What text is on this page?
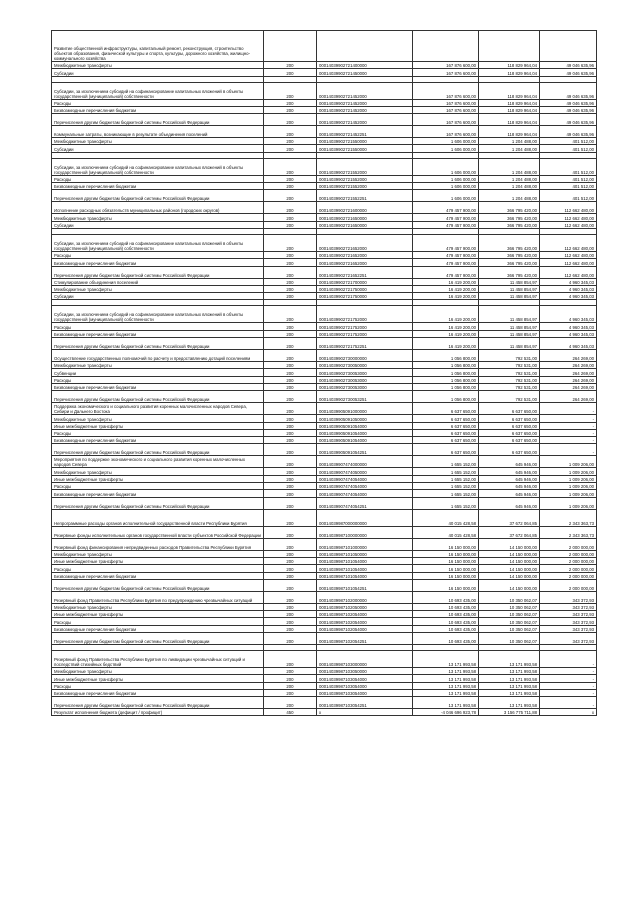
Развитие общественной инфраструктуры, капитальный ремонт, реконструкция, строительство объектов образования, физической культуры и спорта, культуры, дорожного хозяйства, жилищно-коммунального хозяйства					
Межбюджетные трансферты	200	00014039902721400000	167 876 600,00	118 829 964,04	49 046 635,96
Субсидии	200	00014039902721450000	167 876 600,00	118 829 964,04	49 046 635,96

Субсидии, за исключением субсидий на софинансирование капитальных вложений в объекты государственной (муниципальной) собственности	200	00014039902721452000	167 876 600,00	118 829 964,04	49 046 635,96
Расходы	200	00014039902721452000	167 876 600,00	118 829 964,04	49 046 635,96
Безвозмездные перечисления бюджетам	200	00014039902721452000	167 876 600,00	118 829 964,04	49 046 635,96
Перечисления другим бюджетам бюджетной системы Российской Федерации	200	00014039902721452000	167 876 600,00	118 829 964,04	49 046 635,96
Коммунальные затраты, возникающие в результате объединения поселений	200	00014039902721452251	167 876 600,00	118 829 964,04	49 046 635,96
Межбюджетные трансферты	200	00014039902721550000	1 606 000,00	1 204 488,00	401 512,00
Субсидии	200	00014039902721550000	1 606 000,00	1 204 488,00	401 512,00

Субсидии, за исключением субсидий на софинансирование капитальных вложений в объекты государственной (муниципальной) собственности	200	00014039902721552000	1 606 000,00	1 204 488,00	401 512,00
Расходы	200	00014039902721552000	1 606 000,00	1 204 488,00	401 512,00
Безвозмездные перечисления бюджетам	200	00014039902721552000	1 606 000,00	1 204 488,00	401 512,00
Перечисления другим бюджетам бюджетной системы Российской Федерации	200	00014039902721552251	1 606 000,00	1 204 488,00	401 512,00
Исполнение расходных обязательств муниципальных районов (городских округов)	200	00014039902721600000	479 457 900,00	366 795 420,00	112 662 480,00
Межбюджетные трансферты	200	00014039902721650000	479 457 900,00	366 795 420,00	112 662 480,00
Субсидии	200	00014039902721650000	479 457 900,00	366 795 420,00	112 662 480,00

Субсидии, за исключением субсидий на софинансирование капитальных вложений в объекты государственной (муниципальной) собственности	200	00014039902721652000	479 457 900,00	366 795 420,00	112 662 480,00
Расходы	200	00014039902721652000	479 457 900,00	366 795 420,00	112 662 480,00
Безвозмездные перечисления бюджетам	200	00014039902721652000	479 457 900,00	366 795 420,00	112 662 480,00
Перечисления другим бюджетам бюджетной системы Российской Федерации	200	00014039902721652251	479 457 900,00	366 795 420,00	112 662 480,00
Стимулирование объединения поселений	200	00014039902721700000	16 419 200,00	11 458 854,97	4 960 345,03
Межбюджетные трансферты	200	00014039902721750000	16 419 200,00	11 458 854,97	4 960 345,03
Субсидии	200	00014039902721750000	16 419 200,00	11 458 854,97	4 960 345,03

Субсидии, за исключением субсидий на софинансирование капитальных вложений в объекты государственной (муниципальной) собственности	200	00014039902721752000	16 419 200,00	11 458 854,97	4 960 345,03
Расходы	200	00014039902721752000	16 419 200,00	11 458 854,97	4 960 345,03
Безвозмездные перечисления бюджетам	200	00014039902721752000	16 419 200,00	11 458 854,97	4 960 345,03
Перечисления другим бюджетам бюджетной системы Российской Федерации	200	00014039902721752251	16 419 200,00	11 458 854,97	4 960 345,03
Осуществление государственных полномочий по расчету и предоставлению дотаций поселениям	200	00014039902730000000	1 056 800,00	792 531,00	264 269,00
Межбюджетные трансферты	200	00014039902730050000	1 056 800,00	792 531,00	264 269,00
Субвенции	200	00014039902730053000	1 056 800,00	792 531,00	264 269,00
Расходы	200	00014039902730053000	1 056 800,00	792 531,00	264 269,00
Безвозмездные перечисления бюджетам	200	00014039902730053000	1 056 800,00	792 531,00	264 269,00
Перечисления другим бюджетам бюджетной системы Российской Федерации	200	00014039902730053251	1 056 800,00	792 531,00	264 269,00
Поддержка экономического и социального развития коренных малочисленных народов Севера, Сибири и Дальнего Востока	200	00014039905091000000	6 637 650,00	6 637 650,00	-
Межбюджетные трансферты	200	00014039905091050000	6 637 650,00	6 637 650,00	-
Иные межбюджетные трансферты	200	00014039905091054000	6 637 650,00	6 637 650,00	-
Расходы	200	00014039905091054000	6 637 650,00	6 637 650,00	-
Безвозмездные перечисления бюджетам	200	00014039905091054000	6 637 650,00	6 637 650,00	-
Перечисления другим бюджетам бюджетной системы Российской Федерации	200	00014039905091054251	6 637 650,00	6 637 650,00	-
Мероприятия по поддержке экономического и социального развития коренных малочисленных народов Севера	200	00014039907474000000	1 655 152,00	645 946,00	1 009 206,00
Межбюджетные трансферты	200	00014039907474050000	1 655 152,00	645 946,00	1 009 206,00
Иные межбюджетные трансферты	200	00014039907474054000	1 655 152,00	645 946,00	1 009 206,00
Расходы	200	00014039907474054000	1 655 152,00	645 946,00	1 009 206,00
Безвозмездные перечисления бюджетам	200	00014039907474054000	1 655 152,00	645 946,00	1 009 206,00
Перечисления другим бюджетам бюджетной системы Российской Федерации	200	00014039907474054251	1 655 152,00	645 946,00	1 009 206,00
Непрограммные расходы органов исполнительной государственной власти Республики Бурятия	200	00014039987000000000	40 015 428,58	37 672 064,85	2 343 363,73
Резервные фонды исполнительных органов государственной власти субъектов Российской Федерации	200	00014039987100000000	40 015 428,58	37 672 064,85	2 343 363,73
Резервный фонд финансирования непредвиденных расходов Правительства Республики Бурятия	200	00014039987101000000	16 150 000,00	14 150 000,00	2 000 000,00
Межбюджетные трансферты	200	00014039987101050000	16 150 000,00	14 150 000,00	2 000 000,00
Иные межбюджетные трансферты	200	00014039987101054000	16 150 000,00	14 150 000,00	2 000 000,00
Расходы	200	00014039987101054000	16 150 000,00	14 150 000,00	2 000 000,00
Безвозмездные перечисления бюджетам	200	00014039987101054000	16 150 000,00	14 150 000,00	2 000 000,00
Перечисления другим бюджетам бюджетной системы Российской Федерации	200	00014039987101054251	16 150 000,00	14 150 000,00	2 000 000,00
Резервный фонд Правительства Республики Бурятия по предупреждению чрезвычайных ситуаций	200	00014039987102000000	10 693 435,00	10 350 062,07	343 372,93
Межбюджетные трансферты	200	00014039987102050000	10 693 435,00	10 350 062,07	343 372,93
Иные межбюджетные трансферты	200	00014039987102054000	10 693 435,00	10 350 062,07	343 372,93
Расходы	200	00014039987102054000	10 693 435,00	10 350 062,07	343 372,93
Безвозмездные перечисления бюджетам	200	00014039987102054000	10 693 435,00	10 350 062,07	343 372,93
Перечисления другим бюджетам бюджетной системы Российской Федерации	200	00014039987102054251	10 693 435,00	10 350 062,07	343 372,93

Резервный фонд Правительства Республики Бурятия по ликвидации чрезвычайных ситуаций и последствий стихийных бедствий	200	00014039987103000000	13 171 993,58	13 171 993,58	-
Межбюджетные трансферты	200	00014039987103050000	13 171 993,58	13 171 993,58	-
Иные межбюджетные трансферты	200	00014039987103054000	13 171 993,58	13 171 993,58	-
Расходы	200	00014039987103054000	13 171 993,58	13 171 993,58	-
Безвозмездные перечисления бюджетам	200	00014039987103054000	13 171 993,58	13 171 993,58	-
Перечисления другим бюджетам бюджетной системы Российской Федерации	200	00014039987103054251	13 171 993,58	13 171 993,58	-
Результат исполнения бюджета (дефицит / профицит)	450	x	-4 046 696 923,78	3 156 775 711,88	x
